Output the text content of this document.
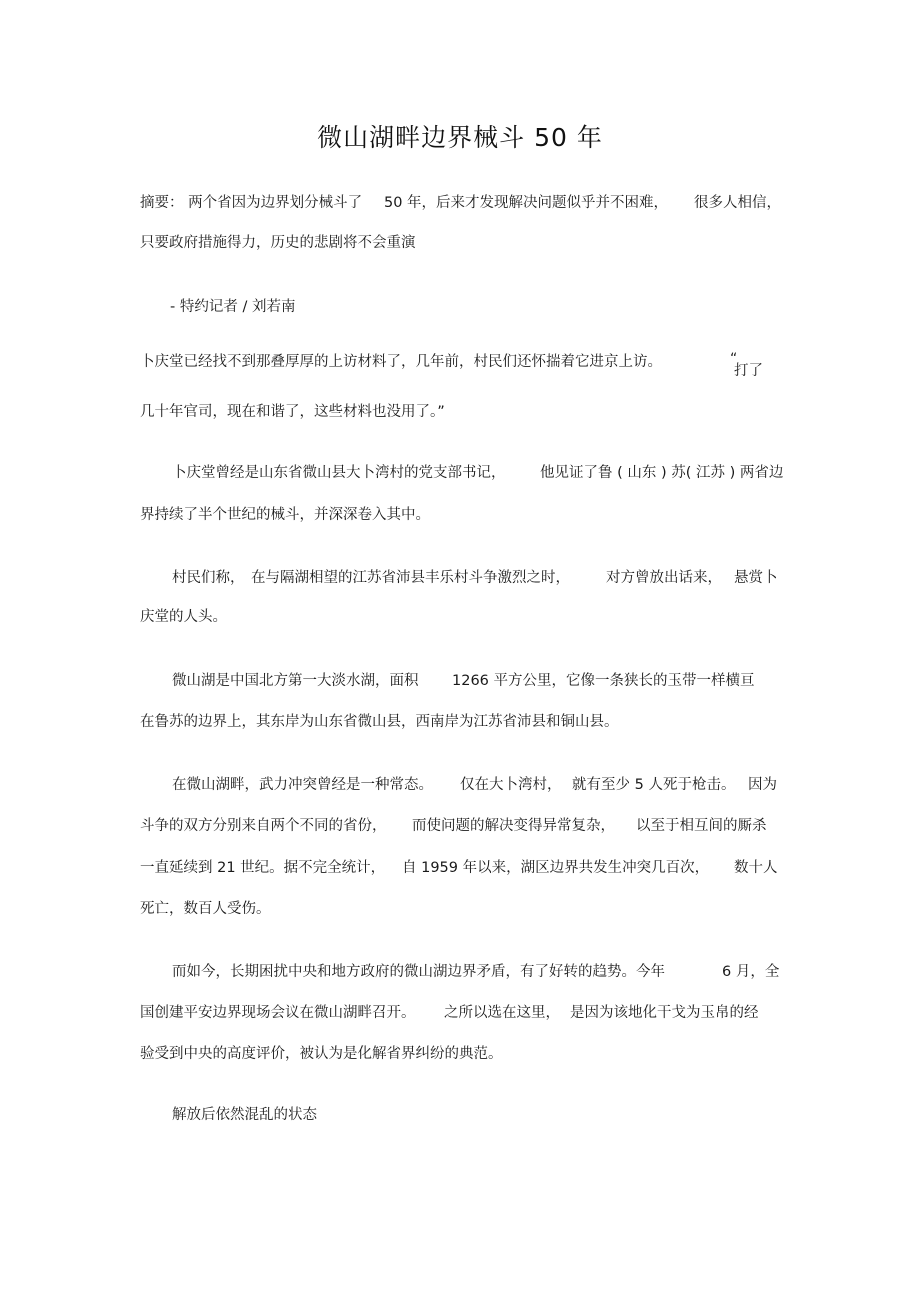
微山湖畔边界械斗 50 年
摘要： 两个省因为边界划分械斗了 50 年，后来才发现解决问题似乎并不困难， 很多人相信，
只要政府措施得力，历史的悲剧将不会重演
- 特约记者 / 刘若南
卜庆堂已经找不到那叠厚厚的上访材料了，几年前，村民们还怀揣着它进京上访。	“
打了
几十年官司，现在和谐了，这些材料也没用了。”
卜庆堂曾经是山东省微山县大卜湾村的党支部书记， 他见证了鲁 ( 山东 ) 苏( 江苏 ) 两省边
界持续了半个世纪的械斗，并深深卷入其中。
村民们称， 在与隔湖相望的江苏省沛县丰乐村斗争激烈之时， 对方曾放出话来， 悬赏卜
庆堂的人头。
微山湖是中国北方第一大淡水湖，面积 1266 平方公里，它像一条狭长的玉带一样横亘
在鲁苏的边界上，其东岸为山东省微山县，西南岸为江苏省沛县和铜山县。
在微山湖畔，武力冲突曾经是一种常态。 仅在大卜湾村， 就有至少 5 人死于枪击。 因为
斗争的双方分别来自两个不同的省份， 而使问题的解决变得异常复杂， 以至于相互间的厮杀
一直延续到 21 世纪。据不完全统计， 自 1959 年以来，湖区边界共发生冲突几百次， 数十人
死亡，数百人受伤。
而如今，长期困扰中央和地方政府的微山湖边界矛盾，有了好转的趋势。今年	6 月，全
国创建平安边界现场会议在微山湖畔召开。 之所以选在这里， 是因为该地化干戈为玉帛的经
验受到中央的高度评价，被认为是化解省界纠纷的典范。
解放后依然混乱的状态
